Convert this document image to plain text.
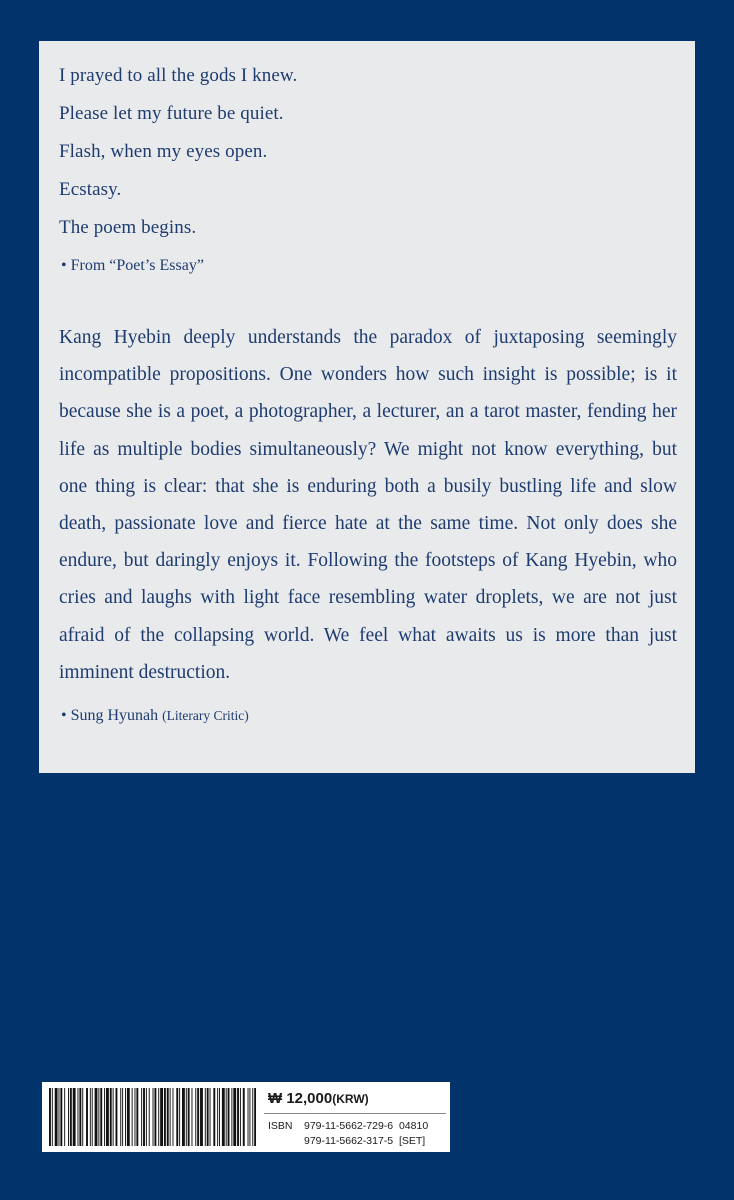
I prayed to all the gods I knew.
Please let my future be quiet.
Flash, when my eyes open.
Ecstasy.
The poem begins.
• From “Poet’s Essay”

Kang Hyebin deeply understands the paradox of juxtaposing seemingly incompatible propositions. One wonders how such insight is possible; is it because she is a poet, a photographer, a lecturer, an a tarot master, fending her life as multiple bodies simultaneously? We might not know everything, but one thing is clear: that she is enduring both a busily bustling life and slow death, passionate love and fierce hate at the same time. Not only does she endure, but daringly enjoys it. Following the footsteps of Kang Hyebin, who cries and laughs with light face resembling water droplets, we are not just afraid of the collapsing world. We feel what awaits us is more than just imminent destruction.

• Sung Hyunah (Literary Critic)
₩ 12,000(KRW)
ISBN 979-11-5662-729-6 04810
979-11-5662-317-5 [SET]
